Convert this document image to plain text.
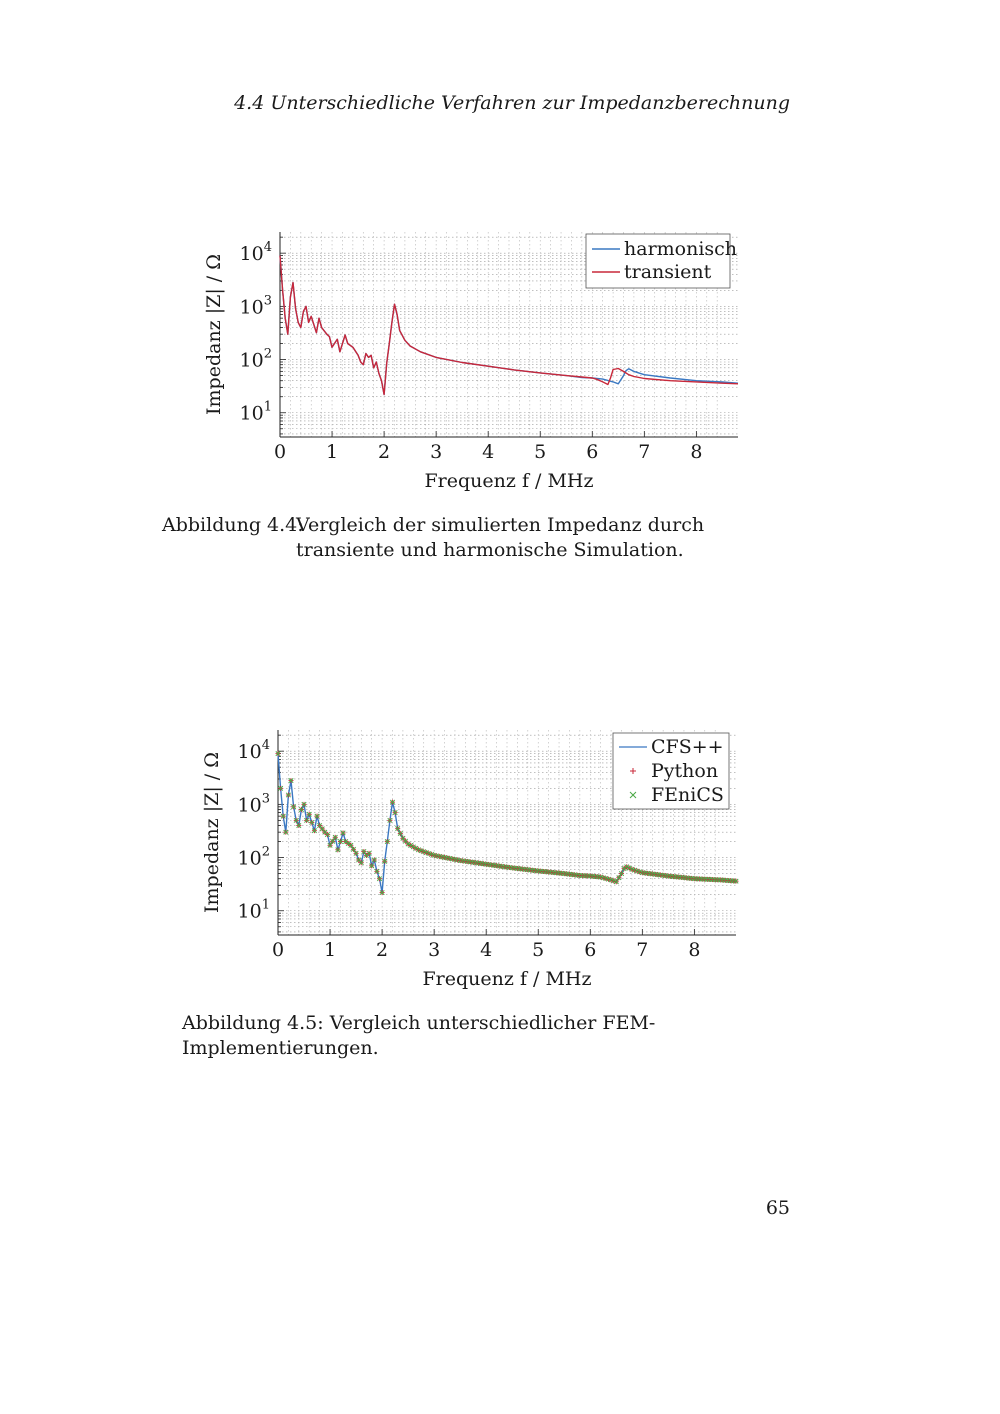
4.4 Unterschiedliche Verfahren zur Impedanzberechnung
0 1 2 3 4 5 6 7 8
$10^4$
$10^3$
$10^2$
$10^1$
Frequenz f / MHz
Impedanz |Z| / Ω
harmonisch
transient
Abbildung 4.4:
Vergleich der simulierten Impedanz durch transiente und harmonische Simulation.
0 1 2 3 4 5 6 7 8
$10^4$
$10^3$
$10^2$
$10^1$
Frequenz f / MHz
Impedanz |Z| / Ω
CFS++
Python
FEniCS
Abbildung 4.5: Vergleich unterschiedlicher FEM-Implementierungen.
65
